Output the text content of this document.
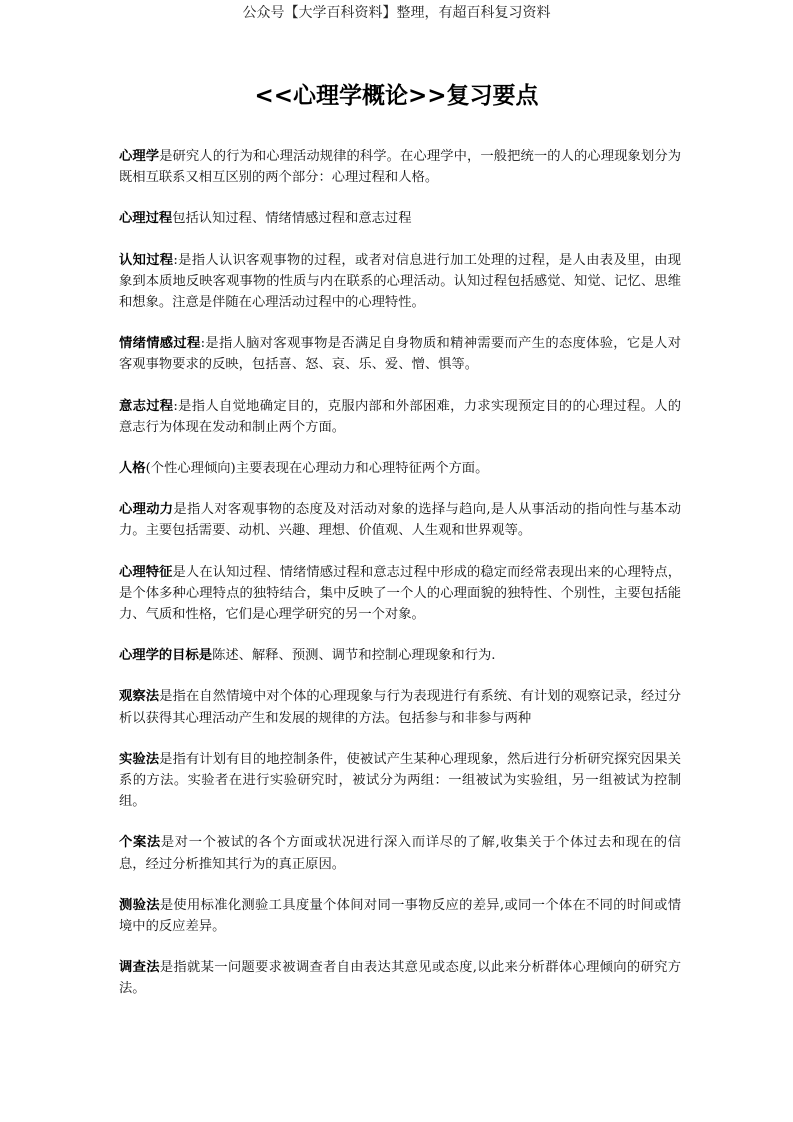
公众号【大学百科资料】整理，有超百科复习资料
<<心理学概论>>复习要点

心理学是研究人的行为和心理活动规律的科学。在心理学中，一般把统一的人的心理现象划分为既相互联系又相互区别的两个部分：心理过程和人格。

心理过程包括认知过程、情绪情感过程和意志过程

认知过程:是指人认识客观事物的过程，或者对信息进行加工处理的过程，是人由表及里，由现象到本质地反映客观事物的性质与内在联系的心理活动。认知过程包括感觉、知觉、记忆、思维和想象。注意是伴随在心理活动过程中的心理特性。

情绪情感过程:是指人脑对客观事物是否满足自身物质和精神需要而产生的态度体验，它是人对客观事物要求的反映，包括喜、怒、哀、乐、爱、憎、惧等。

意志过程:是指人自觉地确定目的，克服内部和外部困难，力求实现预定目的的心理过程。人的意志行为体现在发动和制止两个方面。

人格(个性心理倾向)主要表现在心理动力和心理特征两个方面。

心理动力是指人对客观事物的态度及对活动对象的选择与趋向,是人从事活动的指向性与基本动力。主要包括需要、动机、兴趣、理想、价值观、人生观和世界观等。

心理特征是人在认知过程、情绪情感过程和意志过程中形成的稳定而经常表现出来的心理特点，是个体多种心理特点的独特结合，集中反映了一个人的心理面貌的独特性、个别性，主要包括能力、气质和性格，它们是心理学研究的另一个对象。

心理学的目标是陈述、解释、预测、调节和控制心理现象和行为.

观察法是指在自然情境中对个体的心理现象与行为表现进行有系统、有计划的观察记录，经过分析以获得其心理活动产生和发展的规律的方法。包括参与和非参与两种

实验法是指有计划有目的地控制条件，使被试产生某种心理现象，然后进行分析研究探究因果关系的方法。实验者在进行实验研究时，被试分为两组：一组被试为实验组，另一组被试为控制组。

个案法是对一个被试的各个方面或状况进行深入而详尽的了解,收集关于个体过去和现在的信息，经过分析推知其行为的真正原因。

测验法是使用标准化测验工具度量个体间对同一事物反应的差异,或同一个体在不同的时间或情境中的反应差异。

调查法是指就某一问题要求被调查者自由表达其意见或态度,以此来分析群体心理倾向的研究方法。
